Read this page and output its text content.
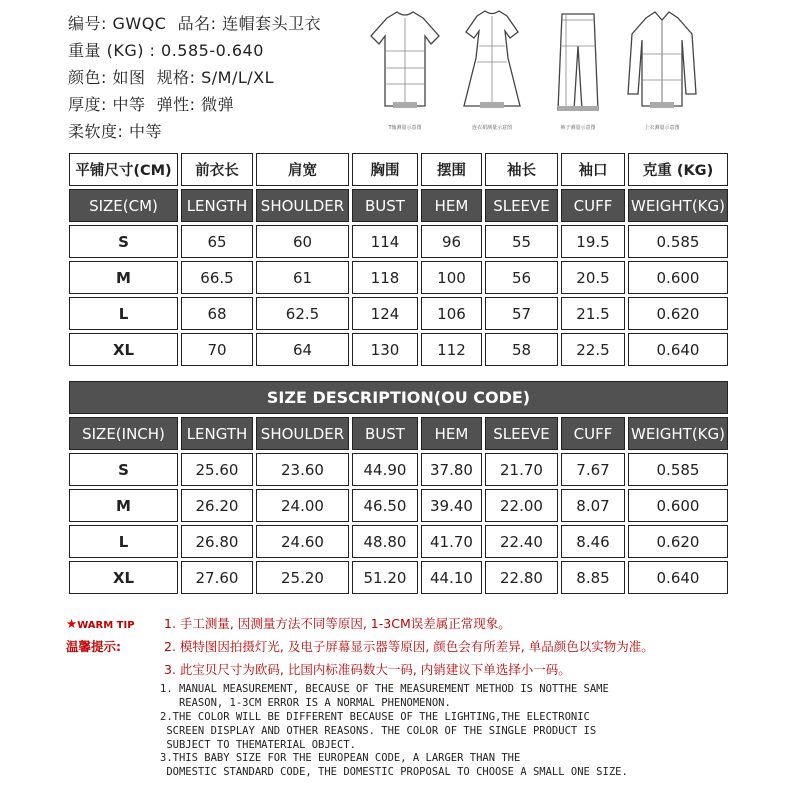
编号: GWQC  品名: 连帽套头卫衣
重量 (KG) : 0.585-0.640
颜色: 如图  规格: S/M/L/XL
厚度: 中等  弹性: 微弹
柔软度: 中等	T恤测量示意图	连衣裙测量示意图	裤子测量示意图	上衣测量示意图
平铺尺寸(CM)	前衣长	肩宽	胸围	摆围	袖长	袖口	克重 (KG)
SIZE(CM)	LENGTH	SHOULDER	BUST	HEM	SLEEVE	CUFF	WEIGHT(KG)
S	65	60	114	96	55	19.5	0.585
M	66.5	61	118	100	56	20.5	0.600
L	68	62.5	124	106	57	21.5	0.620
XL	70	64	130	112	58	22.5	0.640
SIZE DESCRIPTION(OU CODE)							
SIZE(INCH)	LENGTH	SHOULDER	BUST	HEM	SLEEVE	CUFF	WEIGHT(KG)
S	25.60	23.60	44.90	37.80	21.70	7.67	0.585
M	26.20	24.00	46.50	39.40	22.00	8.07	0.600
L	26.80	24.60	48.80	41.70	22.40	8.46	0.620
XL	27.60	25.20	51.20	44.10	22.80	8.85	0.640
★WARM TIP 1. 手工测量, 因测量方法不同等原因, 1-3CM误差属正常现象。
温馨提示:	2. 模特图因拍摄灯光, 及电子屏幕显示器等原因, 颜色会有所差异, 单品颜色以实物为准。
3. 此宝贝尺寸为欧码, 比国内标准码数大一码, 内销建议下单选择小一码。
1. MANUAL MEASUREMENT, BECAUSE OF THE MEASUREMENT METHOD IS NOTTHE SAME
REASON, 1-3CM ERROR IS A NORMAL PHENOMENON.
2.THE COLOR WILL BE DIFFERENT BECAUSE OF THE LIGHTING,THE ELECTRONIC
SCREEN DISPLAY AND OTHER REASONS. THE COLOR OF THE SINGLE PRODUCT IS
SUBJECT TO THEMATERIAL OBJECT.
3.THIS BABY SIZE FOR THE EUROPEAN CODE, A LARGER THAN THE
DOMESTIC STANDARD CODE, THE DOMESTIC PROPOSAL TO CHOOSE A SMALL ONE SIZE.
